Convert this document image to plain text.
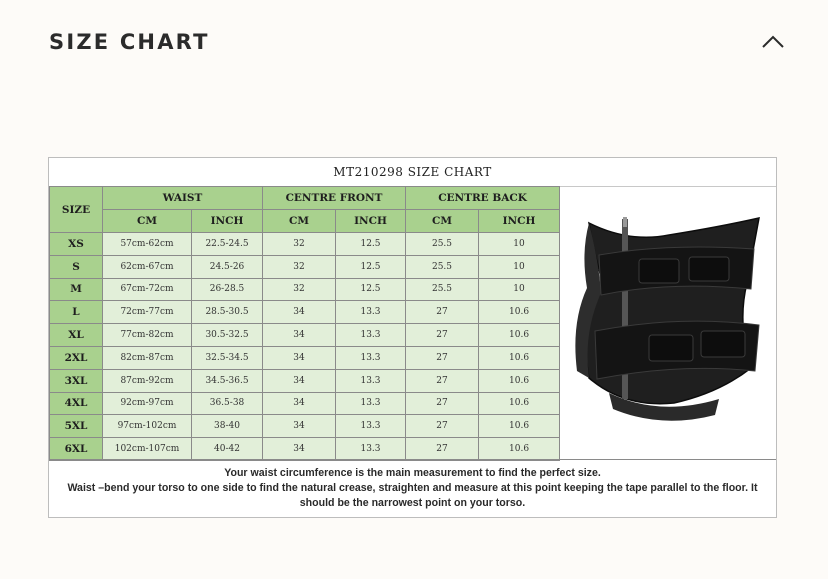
SIZE CHART
MT210298 SIZE CHART
SIZE	WAIST		CENTRE FRONT		CENTRE BACK	
	CM	INCH	CM	INCH	CM	INCH
XS	57cm-62cm	22.5-24.5	32	12.5	25.5	10
S	62cm-67cm	24.5-26	32	12.5	25.5	10
M	67cm-72cm	26-28.5	32	12.5	25.5	10
L	72cm-77cm	28.5-30.5	34	13.3	27	10.6
XL	77cm-82cm	30.5-32.5	34	13.3	27	10.6
2XL	82cm-87cm	32.5-34.5	34	13.3	27	10.6
3XL	87cm-92cm	34.5-36.5	34	13.3	27	10.6
4XL	92cm-97cm	36.5-38	34	13.3	27	10.6
5XL	97cm-102cm	38-40	34	13.3	27	10.6
6XL	102cm-107cm	40-42	34	13.3	27	10.6
Your waist circumference is the main measurement to find the perfect size.
Waist –bend your torso to one side to find the natural crease, straighten and measure at this point keeping the tape parallel to the floor. It should be the narrowest point on your torso.
